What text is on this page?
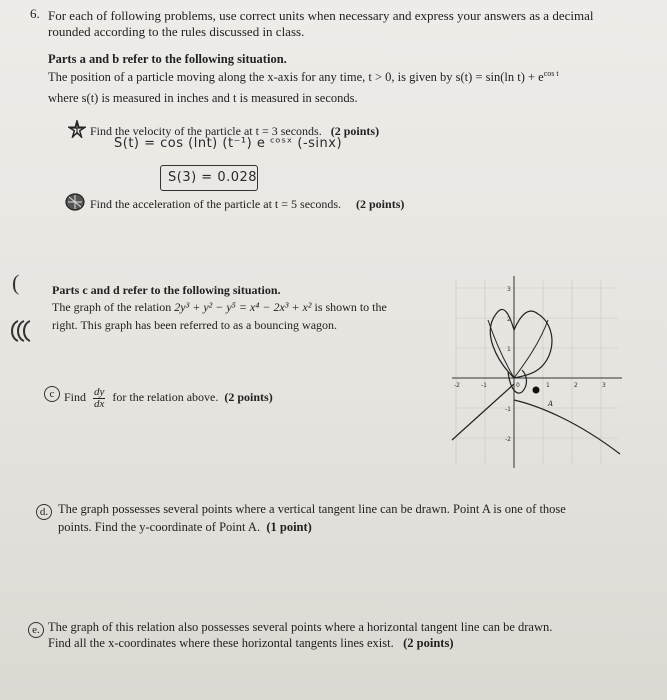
6. For each of following problems, use correct units when necessary and express your answers as a decimal
rounded according to the rules discussed in class.
Parts a and b refer to the following situation.
The position of a particle moving along the x-axis for any time, t > 0, is given by s(t) = sin(ln $t) + e^{cos t}$
where s(t) is measured in inches and t is measured in seconds.
Find the velocity of the particle at t = 3 seconds. (2 points)
S(t) = cos (lnt) (t⁻¹) e ᶜᵒˢˣ (-sinx)
S(3) = 0.028
Find the acceleration of the particle at t = 5 seconds. (2 points)
(	Parts c and d refer to the following situation.
The graph of the relation 2y³ + y² − y⁵ = x⁴ − 2x³ + x² is shown to the
right. This graph has been referred to as a bouncing wagon.
c Find $\frac{dy}{dx}$ for the relation above. (2 points)
-2	-1	0	1	2	3
3
2
1
-1
-2
A
d. The graph possesses several points where a vertical tangent line can be drawn. Point A is one of those
points. Find the y-coordinate of Point A. (1 point)
e. The graph of this relation also possesses several points where a horizontal tangent line can be drawn.
Find all the x-coordinates where these horizontal tangents lines exist. (2 points)
